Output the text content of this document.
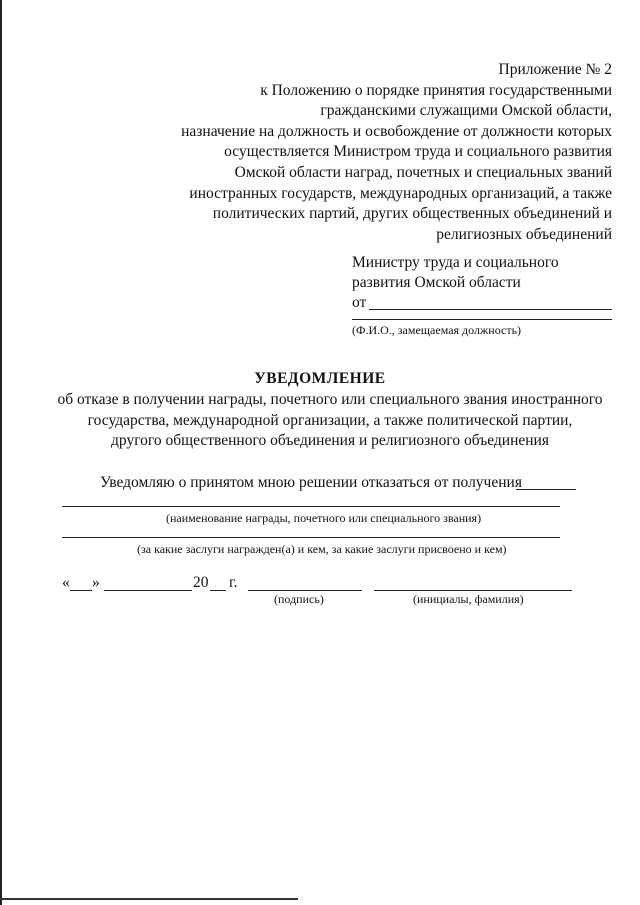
Приложение № 2
к Положению о порядке принятия государственными
гражданскими служащими Омской области,
назначение на должность и освобождение от должности которых
осуществляется Министром труда и социального развития
Омской области наград, почетных и специальных званий
иностранных государств, международных организаций, а также
политических партий, других общественных объединений и
религиозных объединений
Министру труда и социального
развития Омской области
от
(Ф.И.О., замещаемая должность)
УВЕДОМЛЕНИЕ
об отказе в получении награды, почетного или специального звания иностранного
государства, международной организации, а также политической партии,
другого общественного объединения и религиозного объединения
Уведомляю о принятом мною решении отказаться от получения
(наименование награды, почетного или специального звания)
(за какие заслуги награжден(а) и кем, за какие заслуги присвоено и кем)
« »	20 г.
(подпись)	(инициалы, фамилия)
